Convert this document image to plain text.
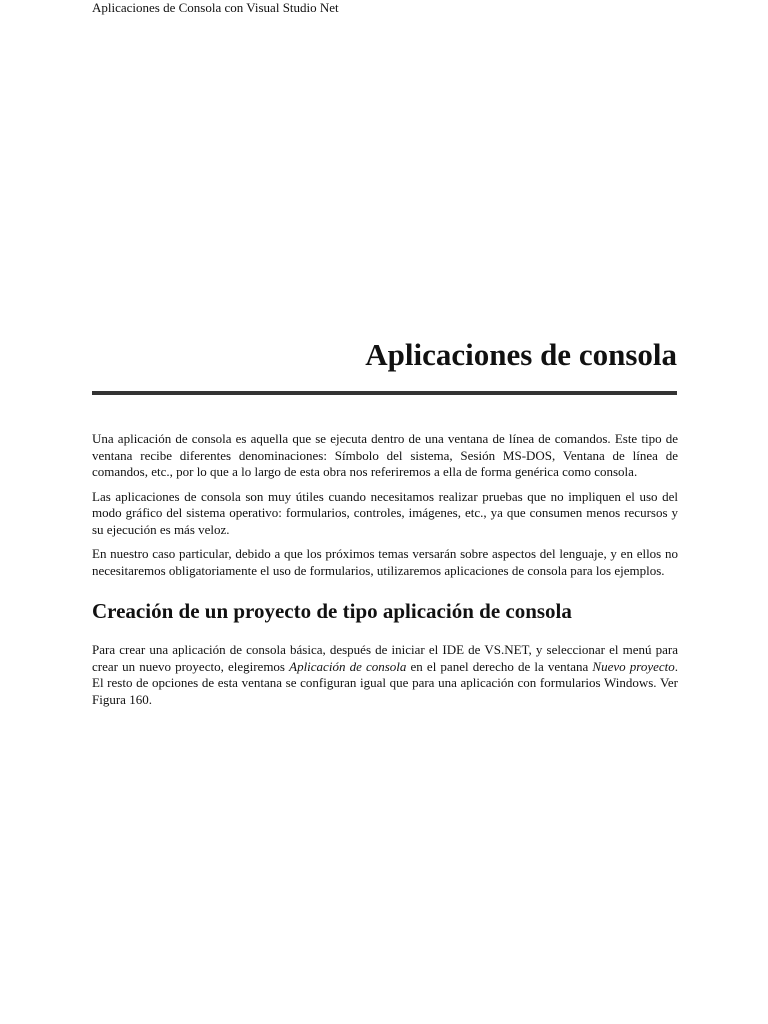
Aplicaciones de Consola con Visual Studio Net
Aplicaciones de consola

Una aplicación de consola es aquella que se ejecuta dentro de una ventana de línea de comandos. Este tipo de ventana recibe diferentes denominaciones: Símbolo del sistema, Sesión MS-DOS, Ventana de línea de comandos, etc., por lo que a lo largo de esta obra nos referiremos a ella de forma genérica como consola.

Las aplicaciones de consola son muy útiles cuando necesitamos realizar pruebas que no impliquen el uso del modo gráfico del sistema operativo: formularios, controles, imágenes, etc., ya que consumen menos recursos y su ejecución es más veloz.

En nuestro caso particular, debido a que los próximos temas versarán sobre aspectos del lenguaje, y en ellos no necesitaremos obligatoriamente el uso de formularios, utilizaremos aplicaciones de consola para los ejemplos.

Creación de un proyecto de tipo aplicación de consola

Para crear una aplicación de consola básica, después de iniciar el IDE de VS.NET, y seleccionar el menú para crear un nuevo proyecto, elegiremos Aplicación de consola en el panel derecho de la ventana Nuevo proyecto. El resto de opciones de esta ventana se configuran igual que para una aplicación con formularios Windows. Ver Figura 160.
